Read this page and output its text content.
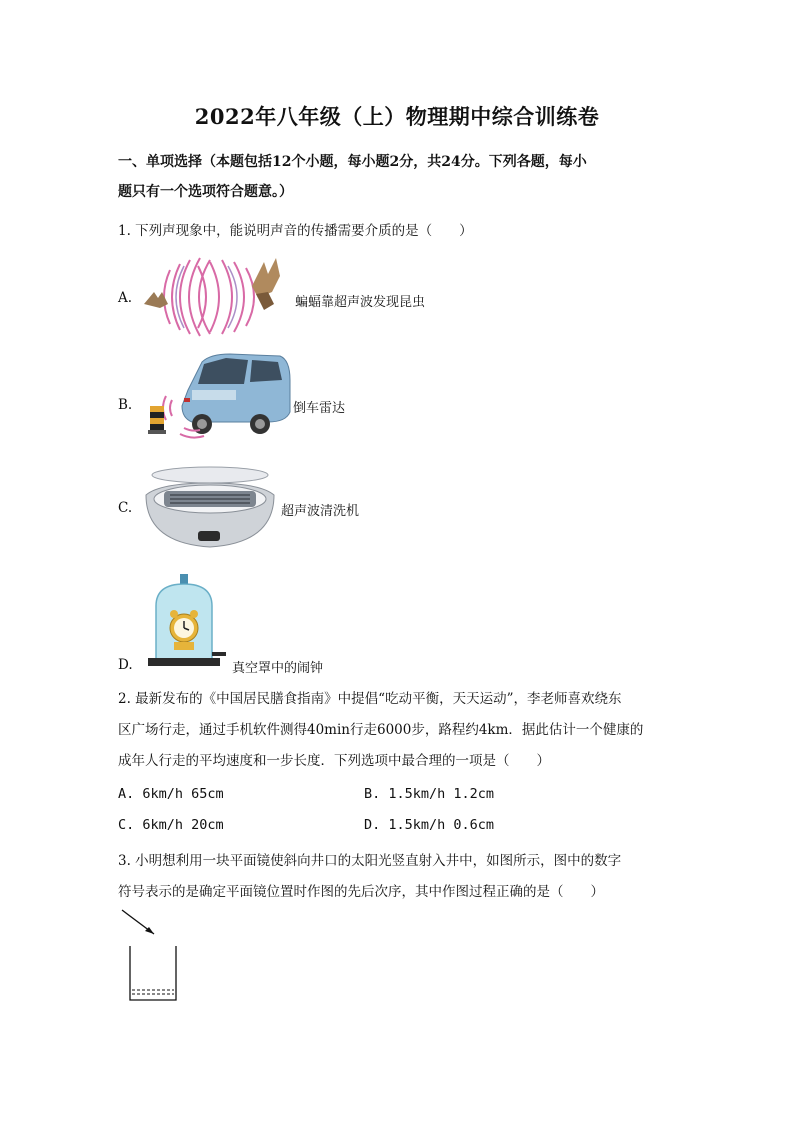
2022年八年级（上）物理期中综合训练卷
一、单项选择（本题包括12个小题，每小题2分，共24分。下列各题，每小
题只有一个选项符合题意。）
1. 下列声现象中，能说明声音的传播需要介质的是（　　）
A.	蝙蝠靠超声波发现昆虫
B.	倒车雷达
C.	超声波清洗机
D.	真空罩中的闹钟
2. 最新发布的《中国居民膳食指南》中提倡“吃动平衡，天天运动”，李老师喜欢绕东
区广场行走，通过手机软件测得40min行走6000步，路程约4km．据此估计一个健康的
成年人行走的平均速度和一步长度．下列选项中最合理的一项是（　　）
A. 6km/h 65cm	B. 1.5km/h 1.2cm
C. 6km/h 20cm	D. 1.5km/h 0.6cm
3. 小明想利用一块平面镜使斜向井口的太阳光竖直射入井中，如图所示，图中的数字
符号表示的是确定平面镜位置时作图的先后次序，其中作图过程正确的是（　　）
